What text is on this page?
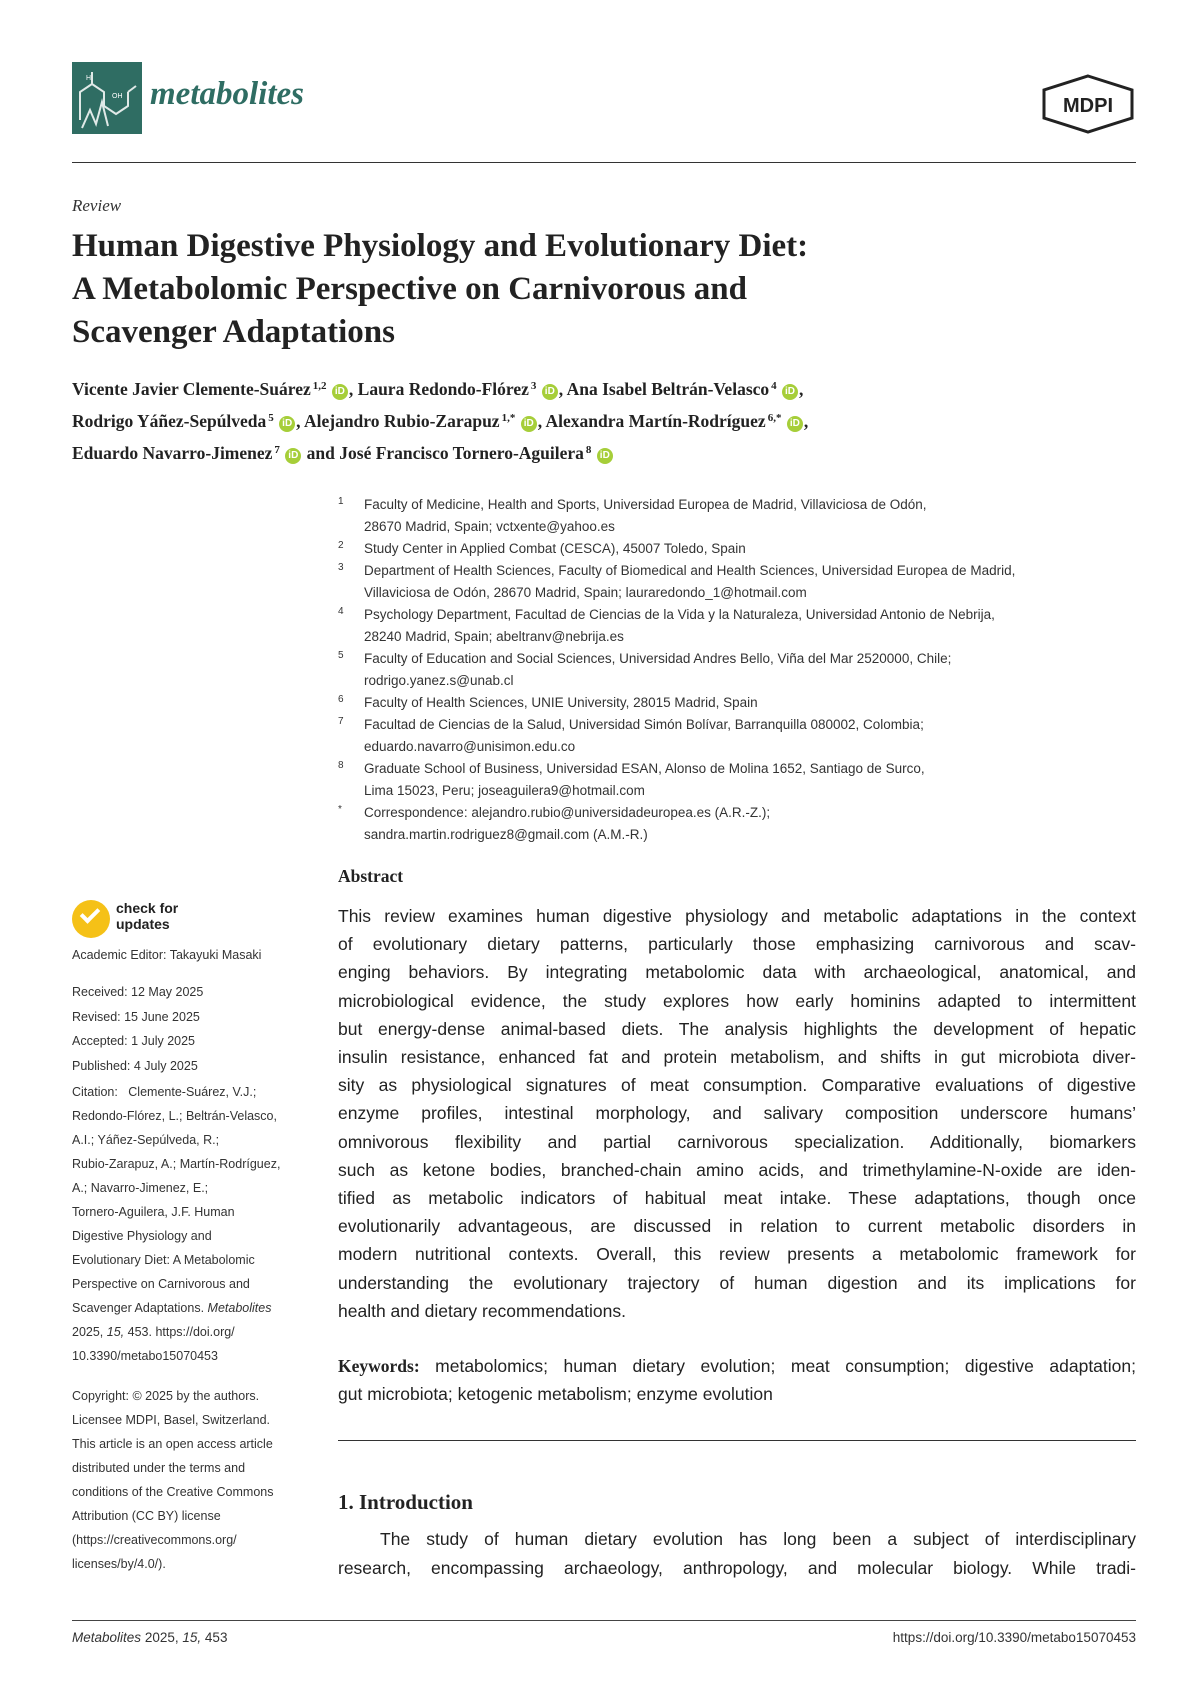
H
OH metabolites	MDPI
Review
Human Digestive Physiology and Evolutionary Diet:
A Metabolomic Perspective on Carnivorous and
Scavenger Adaptations
Vicente Javier Clemente-Suárez $^{1,2}$ iD , Laura Redondo-Flórez $^3$ iD , Ana Isabel Beltrán-Velasco $^4$ iD ,
Rodrigo Yáñez-Sepúlveda $^5$ iD , Alejandro Rubio-Zarapuz $^{1,*}$ iD , Alexandra Martín-Rodríguez $^{6,*}$ iD ,
Eduardo Navarro-Jimenez $^7$ iD and José Francisco Tornero-Aguilera $^8$ iD
1 Faculty of Medicine, Health and Sports, Universidad Europea de Madrid, Villaviciosa de Odón,
28670 Madrid, Spain; vctxente@yahoo.es
2 Study Center in Applied Combat (CESCA), 45007 Toledo, Spain
3 Department of Health Sciences, Faculty of Biomedical and Health Sciences, Universidad Europea de Madrid,
Villaviciosa de Odón, 28670 Madrid, Spain; lauraredondo_1@hotmail.com
4 Psychology Department, Facultad de Ciencias de la Vida y la Naturaleza, Universidad Antonio de Nebrija,
28240 Madrid, Spain; abeltranv@nebrija.es
5 Faculty of Education and Social Sciences, Universidad Andres Bello, Viña del Mar 2520000, Chile;
rodrigo.yanez.s@unab.cl
6 Faculty of Health Sciences, UNIE University, 28015 Madrid, Spain
7 Facultad de Ciencias de la Salud, Universidad Simón Bolívar, Barranquilla 080002, Colombia;
eduardo.navarro@unisimon.edu.co
8 Graduate School of Business, Universidad ESAN, Alonso de Molina 1652, Santiago de Surco,
Lima 15023, Peru; joseaguilera9@hotmail.com
* Correspondence: alejandro.rubio@universidadeuropea.es (A.R.-Z.);
sandra.martin.rodriguez8@gmail.com (A.M.-R.)
Abstract
This review examines human digestive physiology and metabolic adaptations in the context
of evolutionary dietary patterns, particularly those emphasizing carnivorous and scav-
enging behaviors. By integrating metabolomic data with archaeological, anatomical, and
microbiological evidence, the study explores how early hominins adapted to intermittent
but energy-dense animal-based diets. The analysis highlights the development of hepatic
insulin resistance, enhanced fat and protein metabolism, and shifts in gut microbiota diver-
sity as physiological signatures of meat consumption. Comparative evaluations of digestive
enzyme profiles, intestinal morphology, and salivary composition underscore humans’
omnivorous flexibility and partial carnivorous specialization. Additionally, biomarkers
such as ketone bodies, branched-chain amino acids, and trimethylamine-N-oxide are iden-
tified as metabolic indicators of habitual meat intake. These adaptations, though once
evolutionarily advantageous, are discussed in relation to current metabolic disorders in
modern nutritional contexts. Overall, this review presents a metabolomic framework for
understanding the evolutionary trajectory of human digestion and its implications for
health and dietary recommendations.
Keywords: metabolomics; human dietary evolution; meat consumption; digestive adaptation;
gut microbiota; ketogenic metabolism; enzyme evolution
1. Introduction
The study of human dietary evolution has long been a subject of interdisciplinary
research, encompassing archaeology, anthropology, and molecular biology. While tradi-
check for
updates
Academic Editor: Takayuki Masaki
Received: 12 May 2025
Revised: 15 June 2025
Accepted: 1 July 2025
Published: 4 July 2025
Citation: Clemente-Suárez, V.J.;
Redondo-Flórez, L.; Beltrán-Velasco,
A.I.; Yáñez-Sepúlveda, R.;
Rubio-Zarapuz, A.; Martín-Rodríguez,
A.; Navarro-Jimenez, E.;
Tornero-Aguilera, J.F. Human
Digestive Physiology and
Evolutionary Diet: A Metabolomic
Perspective on Carnivorous and
Scavenger Adaptations. Metabolites
2025, 15, 453. https://doi.org/
10.3390/metabo15070453
Copyright: © 2025 by the authors.
Licensee MDPI, Basel, Switzerland.
This article is an open access article
distributed under the terms and
conditions of the Creative Commons
Attribution (CC BY) license
(https://creativecommons.org/
licenses/by/4.0/).
Metabolites 2025, 15, 453	https://doi.org/10.3390/metabo15070453
